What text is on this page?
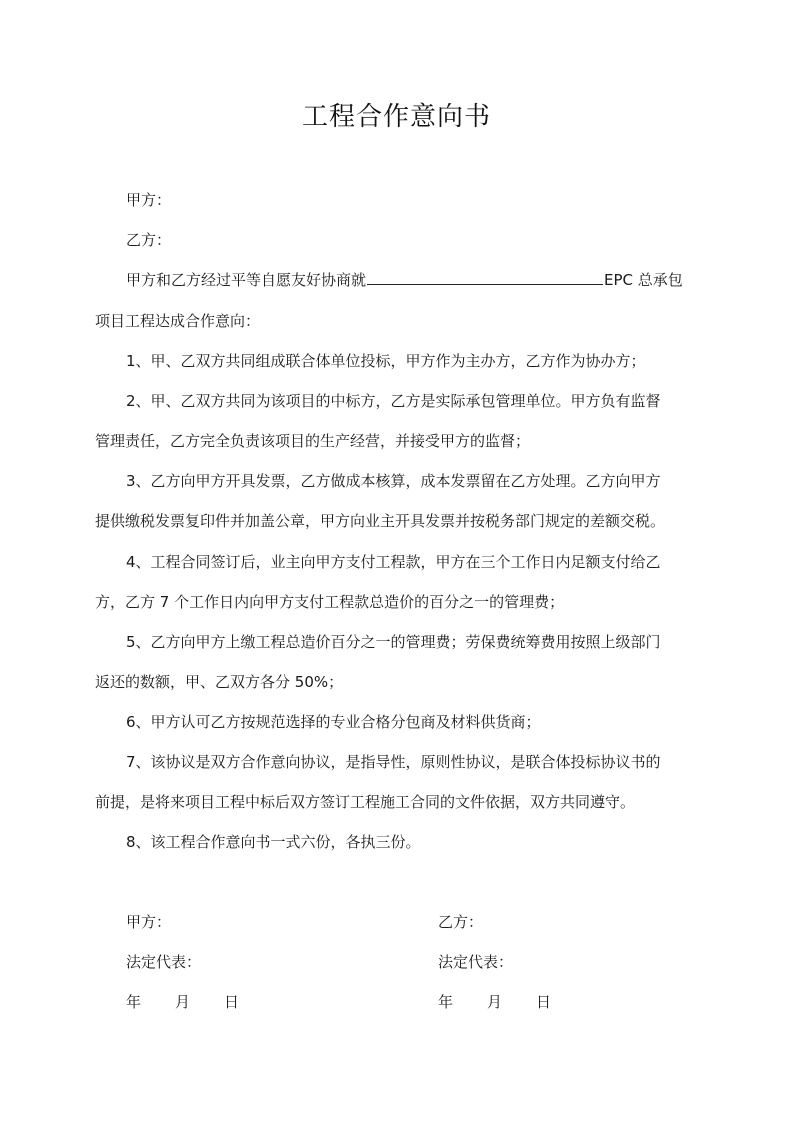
工程合作意向书
甲方：
乙方：
甲方和乙方经过平等自愿友好协商就	EPC 总承包
项目工程达成合作意向：
1、甲、乙双方共同组成联合体单位投标，甲方作为主办方，乙方作为协办方；
2、甲、乙双方共同为该项目的中标方，乙方是实际承包管理单位。甲方负有监督
管理责任，乙方完全负责该项目的生产经营，并接受甲方的监督；
3、乙方向甲方开具发票，乙方做成本核算，成本发票留在乙方处理。乙方向甲方
提供缴税发票复印件并加盖公章，甲方向业主开具发票并按税务部门规定的差额交税。
4、工程合同签订后，业主向甲方支付工程款，甲方在三个工作日内足额支付给乙
方，乙方 7 个工作日内向甲方支付工程款总造价的百分之一的管理费；
5、乙方向甲方上缴工程总造价百分之一的管理费；劳保费统筹费用按照上级部门
返还的数额，甲、乙双方各分 50%；
6、甲方认可乙方按规范选择的专业合格分包商及材料供货商；
7、该协议是双方合作意向协议，是指导性，原则性协议，是联合体投标协议书的
前提，是将来项目工程中标后双方签订工程施工合同的文件依据，双方共同遵守。
8、该工程合作意向书一式六份，各执三份。
甲方：
法定代表：
年 月 日
乙方：
法定代表：
年 月 日
